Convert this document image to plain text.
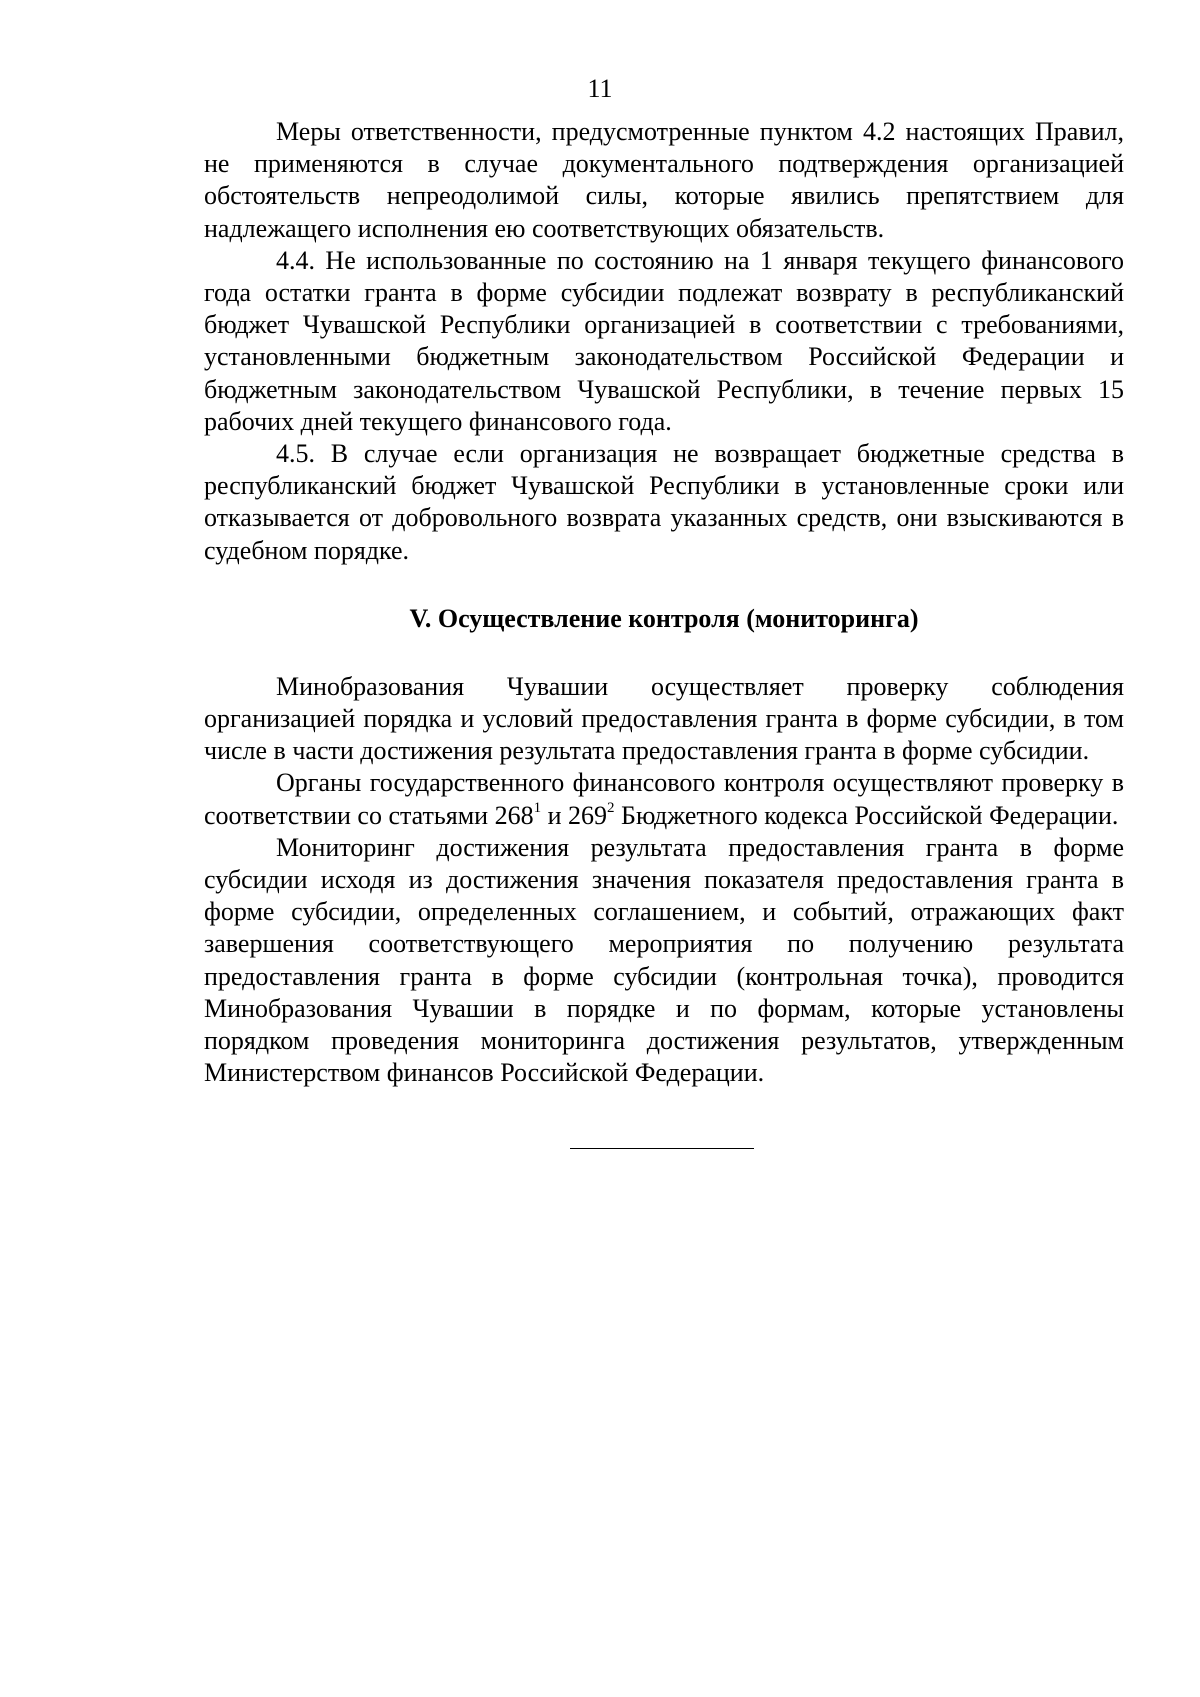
11

Меры ответственности, предусмотренные пунктом 4.2 настоящих Правил, не применяются в случае документального подтверждения организацией обстоятельств непреодолимой силы, которые явились препятствием для надлежащего исполнения ею соответствующих обязательств.

4.4. Не использованные по состоянию на 1 января текущего финансового года остатки гранта в форме субсидии подлежат возврату в республиканский бюджет Чувашской Республики организацией в соответствии с требованиями, установленными бюджетным законодательством Российской Федерации и бюджетным законодательством Чувашской Республики, в течение первых 15 рабочих дней текущего финансового года.

4.5. В случае если организация не возвращает бюджетные средства в республиканский бюджет Чувашской Республики в установленные сроки или отказывается от добровольного возврата указанных средств, они взыскиваются в судебном порядке.

V. Осуществление контроля (мониторинга)

Минобразования Чувашии осуществляет проверку соблюдения организацией порядка и условий предоставления гранта в форме субсидии, в том числе в части достижения результата предоставления гранта в форме субсидии.

Органы государственного финансового контроля осуществляют проверку в соответствии со статьями $268^1$ и $269^2$ Бюджетного кодекса Российской Федерации.

Мониторинг достижения результата предоставления гранта в форме субсидии исходя из достижения значения показателя предоставления гранта в форме субсидии, определенных соглашением, и событий, отражающих факт завершения соответствующего мероприятия по получению результата предоставления гранта в форме субсидии (контрольная точка), проводится Минобразования Чувашии в порядке и по формам, которые установлены порядком проведения мониторинга достижения результатов, утвержденным Министерством финансов Российской Федерации.
